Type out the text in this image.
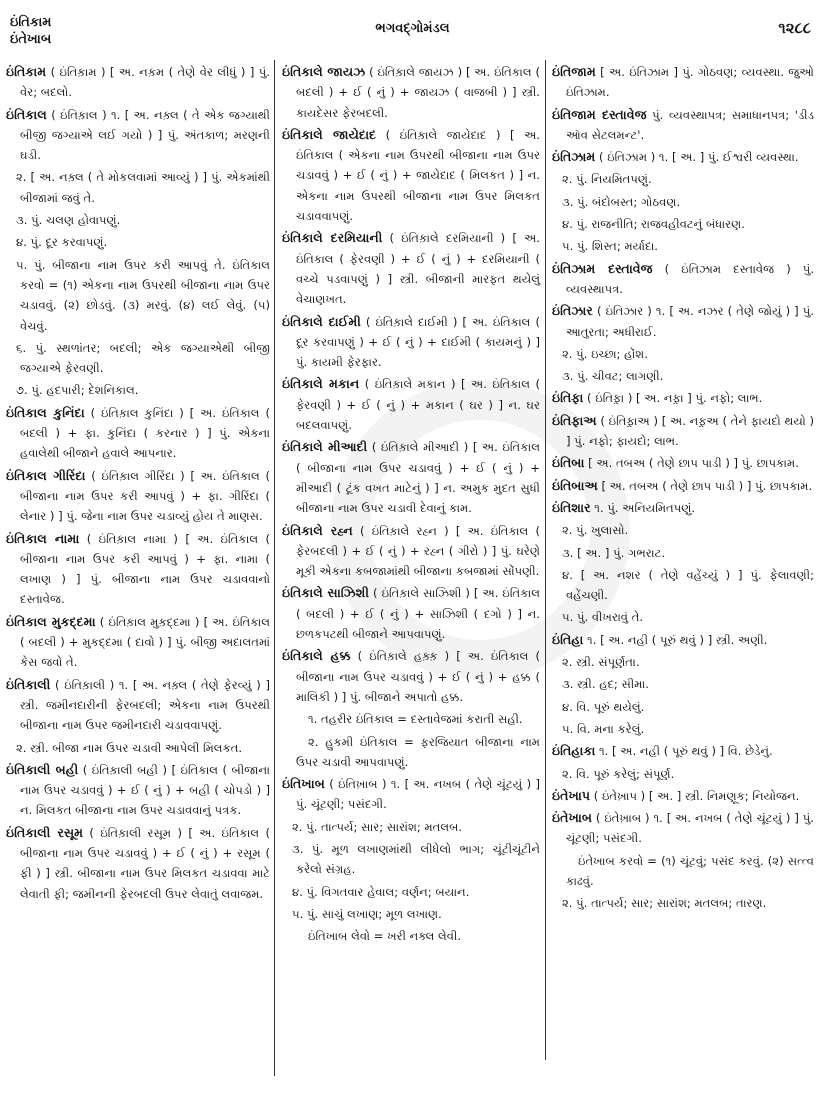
ઇંતિકામ
ઇંતેખાબ
ભગવદ્ગોમંડલ	૧૨૮૮

ઇંતિકામ ( ઇંતિક઼ામ ) [ અ. નક઼મ ( તેણે વેર લીધું ) ] પું. વેર; બદલો.

ઇંતિકાલ ( ઇંતિક઼ાલ ) ૧. [ અ. નક઼્લ ( તે એક જગ્યાથી બીજી જગ્યાએ લઈ ગયો ) ] પું. અંતકાળ; મરણની ઘડી.

૨. [ અ. નક઼્લ ( તે મોકલવામાં આવ્યું ) ] પું. એકમાંથી બીજામાં જવું તે.

૩. પું. ચલણ હોવાપણું.

૪. પું. દૂર કરવાપણું.

૫. પું. બીજાના નામ ઉપર કરી આપવું તે. ઇંતિકાલ કરવો = (૧) એકના નામ ઉપરથી બીજાના નામ ઉપર ચડાવવું. (૨) છોડવું. (૩) મરવું. (૪) લઈ લેવું. (૫) વેચવું.

૬. પું. સ્થળાંતર; બદલી; એક જગ્યાએથી બીજી જગ્યાએ ફેરવણી.

૭. પું. હદપારી; દેશનિકાલ.

ઇંતિકાલ કુનિંદા ( ઇંતિક઼ાલ કુનિંદા ) [ અ. ઇંતિકાલ ( બદલી ) + ફા. કુનિંદા ( કરનાર ) ] પું. એકના હવાલેથી બીજાને હવાલે આપનાર.

ઇંતિકાલ ગીરિંદા ( ઇંતિક઼ાલ ગીરિંદા ) [ અ. ઇંતિકાલ ( બીજાના નામ ઉપર કરી આપવું ) + ફા. ગીરિંદા ( લેનાર ) ] પું. જેના નામ ઉપર ચડાવ્યું હોય તે માણસ.

ઇંતિકાલ નામા ( ઇંતિક઼ાલ નામા ) [ અ. ઇંતિકાલ ( બીજાના નામ ઉપર કરી આપવું ) + ફા. નામા ( લખાણ ) ] પું. બીજાના નામ ઉપર ચડાવવાનો દસ્તાવેજ.

ઇંતિકાલ મુકદ્દમા ( ઇંતિક઼ાલ મુક઼દ્દમા ) [ અ. ઇંતિકાલ ( બદલી ) + મુકદ્દમા ( દાવો ) ] પું. બીજી અદાલતમાં કેસ જવો તે.

ઇંતિકાલી ( ઇંતિક઼ાલી ) ૧. [ અ. નક઼્લ ( તેણે ફેરવ્યું ) ] સ્ત્રી. જમીનદારીની ફેરબદલી; એકના નામ ઉપરથી બીજાના નામ ઉપર જમીનદારી ચડાવવાપણું.

૨. સ્ત્રી. બીજા નામ ઉપર ચડાવી આપેલી મિલકત.

ઇંતિકાલી બહી ( ઇંતિક઼ાલી બહી ) [ ઇંતિકાલ ( બીજાના નામ ઉપર ચડાવવું ) + ઈ ( નું ) + બહી ( ચોપડો ) ] ન. મિલકત બીજાના નામ ઉપર ચડાવવાનું પત્રક.

ઇંતિકાલી રસૂમ ( ઇંતિક઼ાલી રસૂમ ) [ અ. ઇંતિકાલ ( બીજાના નામ ઉપર ચડાવવું ) + ઈ ( નું ) + રસૂમ ( ફી ) ] સ્ત્રી. બીજાના નામ ઉપર મિલકત ચડાવવા માટે લેવાતી ફી; જમીનની ફેરબદલી ઉપર લેવાતું લવાજમ.

ઇંતિકાલે જાયઝ ( ઇંતિક઼ાલે જાયઝ ) [ અ. ઇંતિકાલ ( બદલી ) + ઈ ( નું ) + જાયઝ ( વાજબી ) ] સ્ત્રી. કાયદેસર ફેરબદલી.

ઇંતિકાલે જાયેદાદ ( ઇંતિક઼ાલે જાયેદાદ ) [ અ. ઇંતિકાલ ( એકના નામ ઉપરથી બીજાના નામ ઉપર ચડાવવું ) + ઈ ( નું ) + જાયેદાદ ( મિલકત ) ] ન. એકના નામ ઉપરથી બીજાના નામ ઉપર મિલકત ચડાવવાપણું.

ઇંતિકાલે દરમિયાની ( ઇંતિક઼ાલે દરમિયાની ) [ અ. ઇંતિકાલ ( ફેરવણી ) + ઈ ( નું ) + દરમિયાની ( વચ્ચે પડવાપણું ) ] સ્ત્રી. બીજાની મારફત થયેલું વેચાણખત.

ઇંતિકાલે દાઈમી ( ઇંતિક઼ાલે દાઈમી ) [ અ. ઇંતિકાલ ( દૂર કરવાપણું ) + ઈ ( નું ) + દાઈમી ( કાયમનું ) ] પું. કાયમી ફેરફાર.

ઇંતિકાલે મકાન ( ઇંતિક઼ાલે મકાન ) [ અ. ઇંતિકાલ ( ફેરવણી ) + ઈ ( નું ) + મકાન ( ઘર ) ] ન. ઘર બદલવાપણું.

ઇંતિકાલે મીઆદી ( ઇંતિક઼ાલે મીઆદી ) [ અ. ઇંતિકાલ ( બીજાના નામ ઉપર ચડાવવું ) + ઈ ( નું ) + મીઆદી ( ટૂંક વખત માટેનું ) ] ન. અમુક મુદત સુધી બીજાના નામ ઉપર ચડાવી દેવાનું કામ.

ઇંતિકાલે રહ્ન ( ઇંતિક઼ાલે રહ્ન ) [ અ. ઇંતિકાલ ( ફેરબદલી ) + ઈ ( નું ) + રહ્ન ( ગીરો ) ] પું. ઘરેણે મૂકી એકના કબજામાંથી બીજાના કબજામાં સોંપણી.

ઇંતિકાલે સાઝિશી ( ઇંતિક઼ાલે સાઝિશી ) [ અ. ઇંતિકાલ ( બદલી ) + ઈ ( નું ) + સાઝિશી ( દગો ) ] ન. છળકપટથી બીજાને આપવાપણું.

ઇંતિકાલે હક્ક ( ઇંતિક઼ાલે હક઼્ક઼ ) [ અ. ઇંતિકાલ ( બીજાના નામ ઉપર ચડાવવું ) + ઈ ( નું ) + હક્ક ( માલિકી ) ] પું. બીજાને અપાતો હક્ક.

૧. તહરીર ઇંતિકાલ = દસ્તાવેજમાં કરાતી સહી.

૨. હુકમી ઇંતિકાલ = ફરજિયાત બીજાના નામ ઉપર ચડાવી આપવાપણું.

ઇંતિખાબ ( ઇંતિખ઼ાબ ) ૧. [ અ. નખબ ( તેણે ચૂંટયું ) ] પું. ચૂંટણી; પસંદગી.

૨. પું. તાત્પર્ય; સાર; સારાંશ; મતલબ.

૩. પું. મૂળ લખાણમાંથી લીધેલો ભાગ; ચૂંટીચૂંટીને કરેલો સંગ્રહ.

૪. પું. વિગતવાર હેવાલ; વર્ણન; બયાન.

૫. પું. સાચું લખાણ; મૂળ લખાણ.

ઇંતિખાબ લેવો = ખરી નક્લ લેવી.

ઇંતિજામ [ અ. ઇંતિઝામ ] પું. ગોઠવણ; વ્યવસ્થા. જુઓ ઇંતિઝામ.

ઇંતિજામ દસ્તાવેજ પું. વ્યવસ્થાપત્ર; સમાધાનપત્ર; 'ડીડ ઑવ સેટલમન્ટ'.

ઇંતિઝામ ( ઇંતિઝામ ) ૧. [ અ. ] પું. ઈશ્વરી વ્યવસ્થા.

૨. પું. નિયમિતપણું.

૩. પું. બંદોબસ્ત; ગોઠવણ.

૪. પું. રાજનીતિ; રાજવહીવટનું બંધારણ.

૫. પું. શિસ્ત; મર્યાદા.

ઇંતિઝામ દસ્તાવેજ ( ઇંતિઝામ દસ્તાવેજ ) પું. વ્યવસ્થાપત્ર.

ઇંતિઝાર ( ઇંતિઝાર ) ૧. [ અ. નઝર ( તેણે જોયું ) ] પું. આતુરતા; અધીરાઈ.

૨. પું. ઇચ્છા; હોંશ.

૩. પું. ચીવટ; લાગણી.

ઇંતિફા ( ઇંતિફ઼ા ) [ અ. નફ઼ા ] પું. નફો; લાભ.

ઇંતિફાઅ ( ઇંતિફ઼ાઅ ) [ અ. નફ઼અ ( તેને ફાયદો થયો ) ] પું. નફો; ફાયદો; લાભ.

ઇંતિબા [ અ. તબઅ ( તેણે છાપ પાડી ) ] પું. છાપકામ.

ઇંતિબાઅ [ અ. તબઅ ( તેણે છાપ પાડી ) ] પું. છાપકામ.

ઇંતિશાર ૧. પું. અનિયમિતપણું.

૨. પું. ખુલાસો.

૩. [ અ. ] પું. ગભરાટ.

૪. [ અ. નશર ( તેણે વહેંચ્યું ) ] પું. ફેલાવણી; વહેંચણી.

૫. પું. વીખરાવું તે.

ઇંતિહા ૧. [ અ. નહી ( પૂરું થવું ) ] સ્ત્રી. અણી.

૨. સ્ત્રી. સંપૂર્ણતા.

૩. સ્ત્રી. હદ; સીમા.

૪. વિ. પૂરું થયેલું.

૫. વિ. મના કરેલું.

ઇંતિહાકા ૧. [ અ. નહી ( પૂરું થવું ) ] વિ. છેડેનું.

૨. વિ. પૂરું કરેલું; સંપૂર્ણ.

ઇંતેખાપ ( ઇંતેખ઼ાપ ) [ અ. ] સ્ત્રી. નિમણૂક; નિયોજન.

ઇંતેખાબ ( ઇંતેખ઼ાબ ) ૧. [ અ. નખબ ( તેણે ચૂંટયું ) ] પું. ચૂંટણી; પસંદગી.

ઇંતેખાબ કરવો = (૧) ચૂંટવું; પસંદ કરવું. (૨) સત્ત્વ કાઢવું.

૨. પું. તાત્પર્ય; સાર; સારાંશ; મતલબ; તારણ.
